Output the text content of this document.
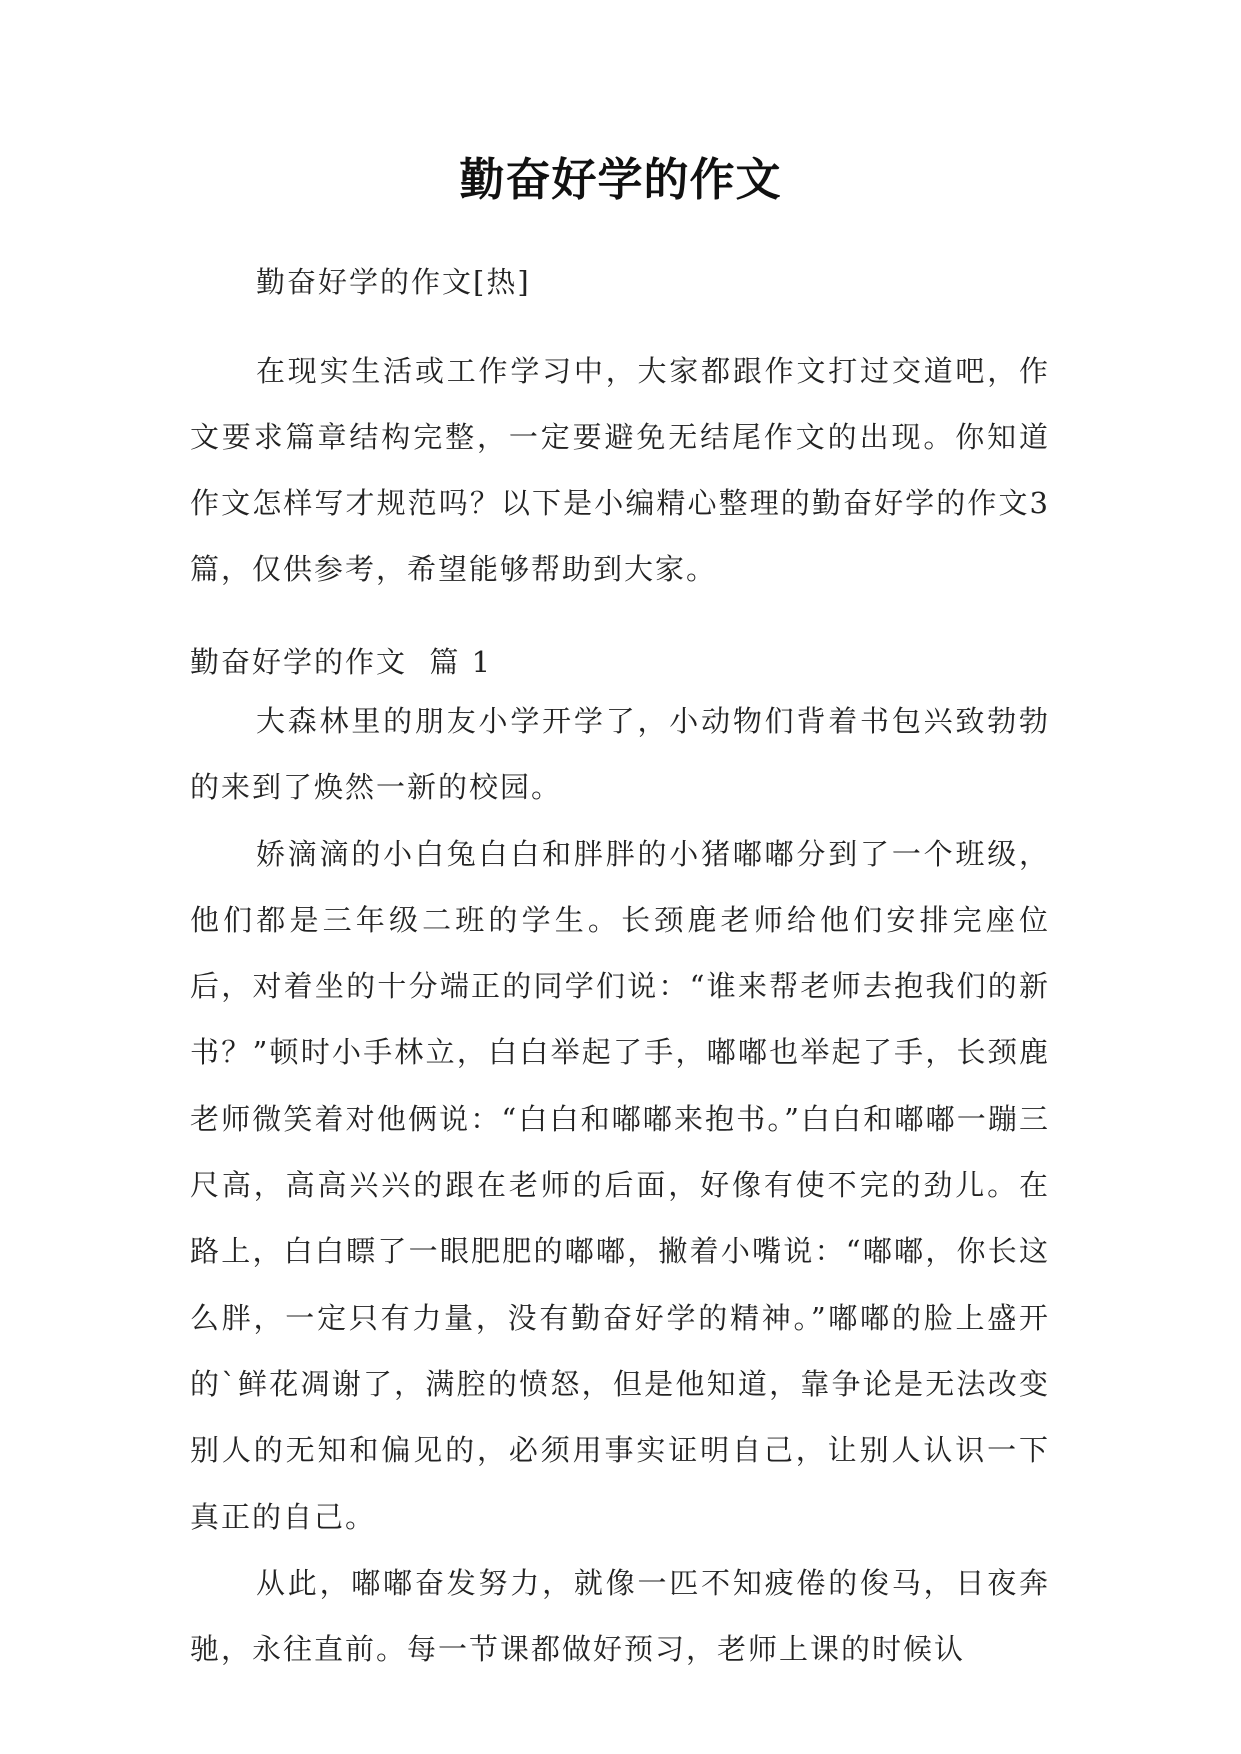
勤奋好学的作文
勤奋好学的作文[热]
在现实生活或工作学习中，大家都跟作文打过交道吧，作文要求篇章结构完整，一定要避免无结尾作文的出现。你知道作文怎样写才规范吗？以下是小编精心整理的勤奋好学的作文3篇，仅供参考，希望能够帮助到大家。
勤奋好学的作文  篇 1

大森林里的朋友小学开学了，小动物们背着书包兴致勃勃的来到了焕然一新的校园。

娇滴滴的小白兔白白和胖胖的小猪嘟嘟分到了一个班级，他们都是三年级二班的学生。长颈鹿老师给他们安排完座位后，对着坐的十分端正的同学们说：“谁来帮老师去抱我们的新书？”顿时小手林立，白白举起了手，嘟嘟也举起了手，长颈鹿老师微笑着对他俩说：“白白和嘟嘟来抱书。”白白和嘟嘟一蹦三尺高，高高兴兴的跟在老师的后面，好像有使不完的劲儿。在路上，白白瞟了一眼肥肥的嘟嘟，撇着小嘴说：“嘟嘟，你长这么胖，一定只有力量，没有勤奋好学的精神。”嘟嘟的脸上盛开的`鲜花凋谢了，满腔的愤怒，但是他知道，靠争论是无法改变别人的无知和偏见的，必须用事实证明自己，让别人认识一下真正的自己。

从此，嘟嘟奋发努力，就像一匹不知疲倦的俊马，日夜奔驰，永往直前。每一节课都做好预习，老师上课的时候认
